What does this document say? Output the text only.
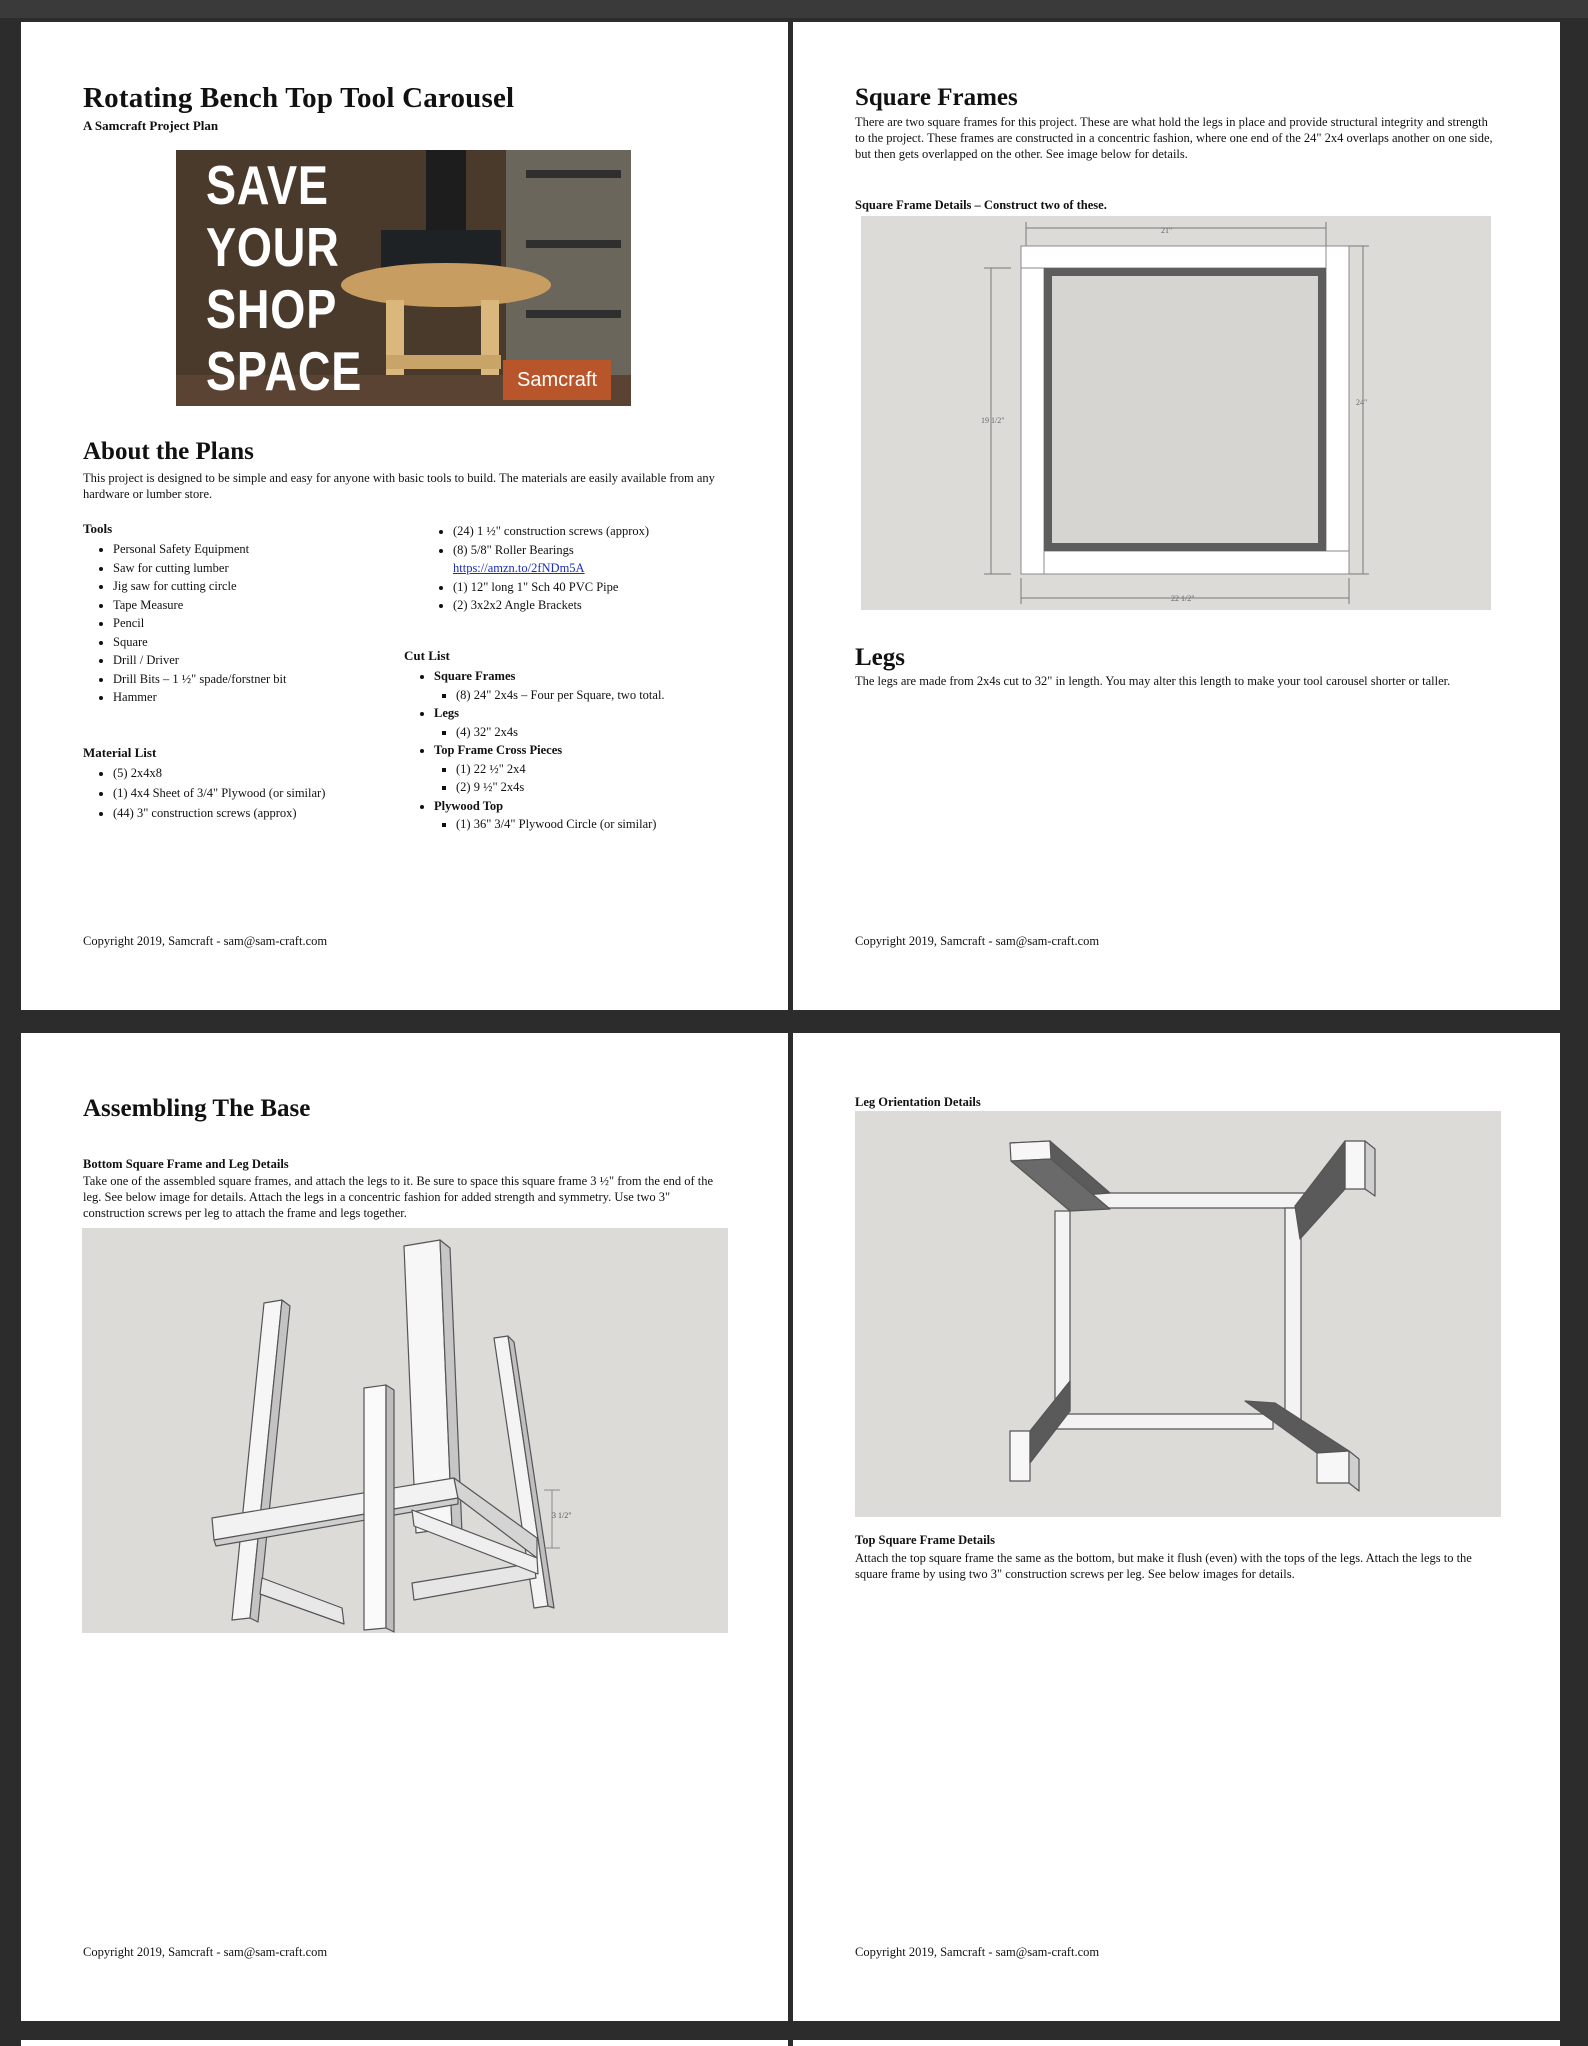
Rotating Bench Top Tool Carousel
A Samcraft Project Plan
SAVE
YOUR
SHOP
SPACE	Samcraft
About the Plans
This project is designed to be simple and easy for anyone with basic tools to build. The materials are easily available from any hardware or lumber store.
Tools
• Personal Safety Equipment
• Saw for cutting lumber
• Jig saw for cutting circle
• Tape Measure
• Pencil
• Square
• Drill / Driver
• Drill Bits – 1 ½" spade/forstner bit
• Hammer
Material List
• (5) 2x4x8
• (1) 4x4 Sheet of 3/4" Plywood (or similar)
• (44) 3" construction screws (approx)
• (24) 1 ½" construction screws (approx)
• (8) 5/8" Roller Bearings
https://amzn.to/2fNDm5A
• (1) 12" long 1" Sch 40 PVC Pipe
• (2) 3x2x2 Angle Brackets
Cut List
• Square Frames
▪ (8) 24" 2x4s – Four per Square, two total.
• Legs
▪ (4) 32" 2x4s
• Top Frame Cross Pieces
▪ (1) 22 ½" 2x4
▪ (2) 9 ½" 2x4s
• Plywood Top
▪ (1) 36" 3/4" Plywood Circle (or similar)
Copyright 2019, Samcraft - sam@sam-craft.com
Square Frames
There are two square frames for this project. These are what hold the legs in place and provide structural integrity and strength to the project. These frames are constructed in a concentric fashion, where one end of the 24" 2x4 overlaps another on one side, but then gets overlapped on the other. See image below for details.
Square Frame Details – Construct two of these.
21"
19 1/2"
24"
22 1/2"
Legs
The legs are made from 2x4s cut to 32" in length. You may alter this length to make your tool carousel shorter or taller.
Copyright 2019, Samcraft - sam@sam-craft.com
Assembling The Base
Bottom Square Frame and Leg Details
Take one of the assembled square frames, and attach the legs to it. Be sure to space this square frame 3 ½" from the end of the leg. See below image for details. Attach the legs in a concentric fashion for added strength and symmetry. Use two 3" construction screws per leg to attach the frame and legs together.
3 1/2"
Copyright 2019, Samcraft - sam@sam-craft.com
Leg Orientation Details
Top Square Frame Details
Attach the top square frame the same as the bottom, but make it flush (even) with the tops of the legs. Attach the legs to the square frame by using two 3" construction screws per leg. See below images for details.
Copyright 2019, Samcraft - sam@sam-craft.com
